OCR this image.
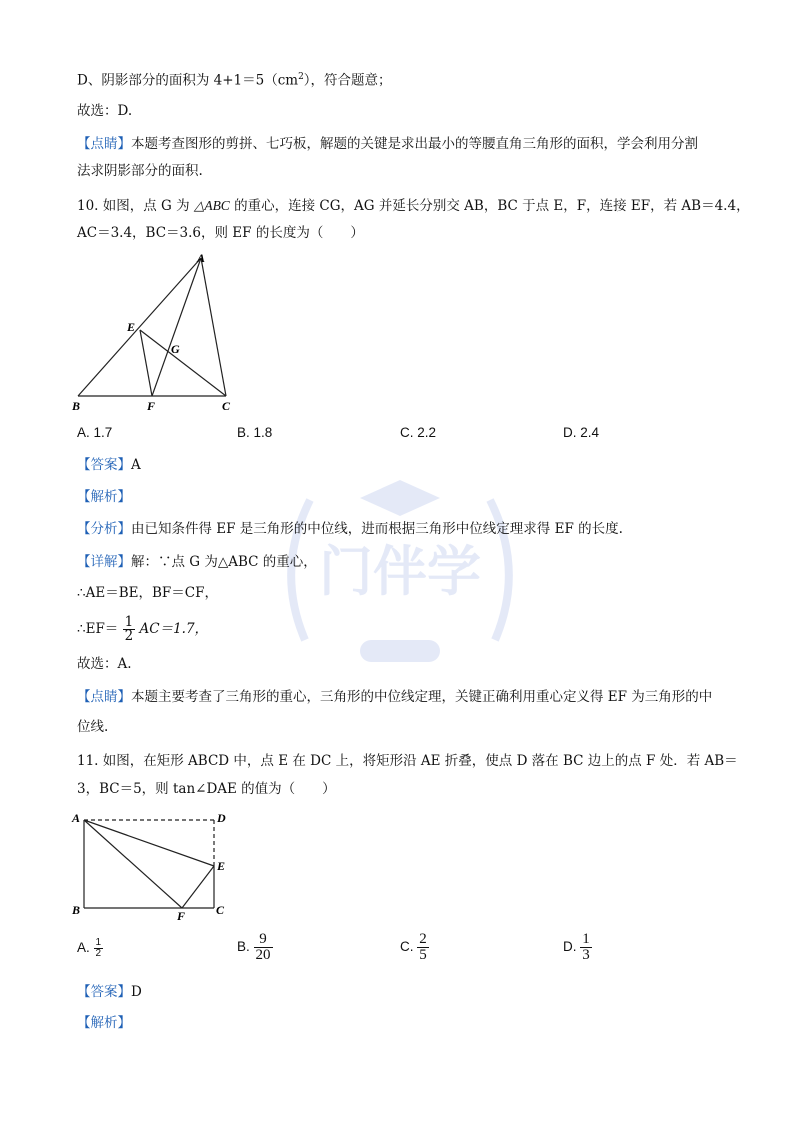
门伴学
D、阴影部分的面积为 $4+1=5(cm^2)$，符合题意；
故选：D.
【点睛】本题考查图形的剪拼、七巧板，解题的关键是求出最小的等腰直角三角形的面积，学会利用分割
法求阴影部分的面积.
10. 如图，点 G 为 △ABC 的重心，连接 CG，AG 并延长分别交 AB，BC 于点 E，F，连接 EF，若 AB＝4.4，
AC＝3.4，BC＝3.6，则 EF 的长度为（　　）
A
B	C
E
F
G
A. 1.7	B. 1.8	C. 2.2	D. 2.4
【答案】A
【解析】
【分析】由已知条件得 EF 是三角形的中位线，进而根据三角形中位线定理求得 EF 的长度.
【详解】解：∵点 G 为△ABC 的重心，
∴AE＝BE，BF＝CF，
∴EF＝ $\frac{1}{2} AC=1.7$，
故选：A.
【点睛】本题主要考查了三角形的重心，三角形的中位线定理，关键正确利用重心定义得 EF 为三角形的中
位线.
11. 如图，在矩形 ABCD 中，点 E 在 DC 上，将矩形沿 AE 折叠，使点 D 落在 BC 边上的点 F 处．若 AB＝
3，BC＝5，则 tan∠DAE 的值为（　　）
A
B	C
D
E
F
A. $\frac{1}{2}$	B. $\frac{9}{20}$	C. $\frac{2}{5}$	D. $\frac{1}{3}$
【答案】D
【解析】
